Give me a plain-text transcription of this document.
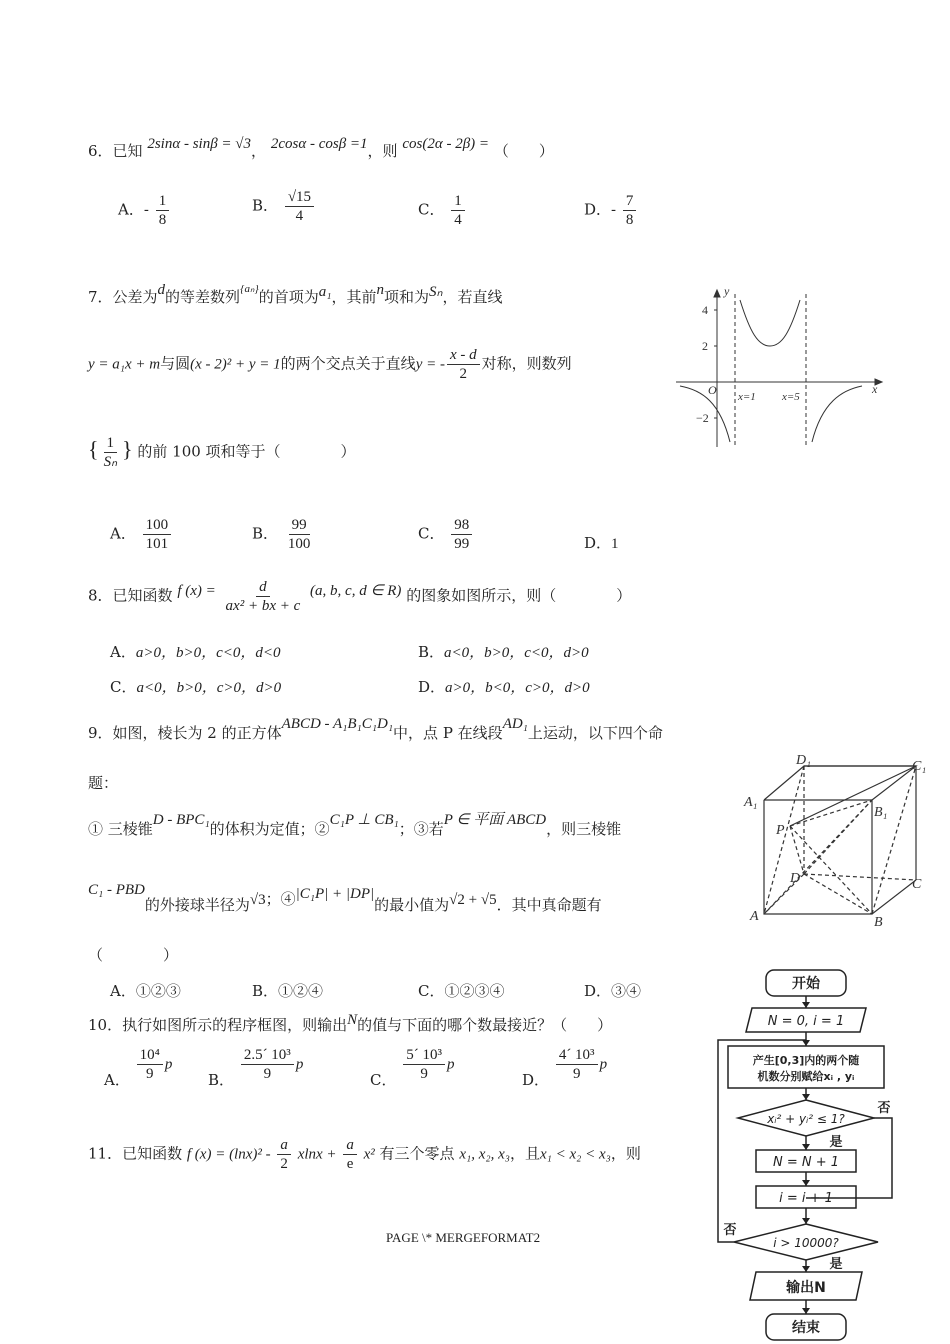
6．已知 2sinα - sinβ = √3， 2cosα - cosβ =1，则 cos(2α - 2β) = （　　）
A．- $\frac{1}{8}$	B． $\frac{√15}{4}$	C． $\frac{1}{4}$	D．- $\frac{7}{8}$
7．公差为d的等差数列$^{\{a_n\}}$的首项为a₁，其前n项和为Sₙ，若直线
y = a₁x + m与圆(x - 2)² + y = 1的两个交点关于直线y = - $\frac{x - d}{2}$ 对称，则数列
{ $\frac{1}{\text{Sₙ}}$ } 的前 100 项和等于（　　　　）
A． $\frac{100}{101}$	B． $\frac{99}{100}$	C． $\frac{98}{99}$	D．1
y
x
O
4
2
−2
x=1 x=5
8．已知函数 f $(x) = \frac{d}{\text{ax² + bx + c}} (a$, b, c, d ∈ R) 的图象如图所示，则（　　　　）
A．a>0，b>0，c<0，d<0	B．a<0，b>0，c<0，d>0
C．a<0，b>0，c>0，d>0	D．a>0，b<0，c>0，d>0
9．如图，棱长为 2 的正方体ABCD - A₁B₁C₁D₁中，点 P 在线段AD₁上运动，以下四个命
题：
① 三棱锥D - BPC₁的体积为定值；②C₁P ⊥ CB₁；③若P ∈ 平面 ABCD，则三棱锥
C₁ - PBD的外接球半径为√3；④|C₁P| + |DP|的最小值为√2 + √5．其中真命题有
（　　　　）
A．①②③	B．①②④	C．①②③④	D．③④
D₁	C₁
A₁
B₁
P
D	C
A	B
10．执行如图所示的程序框图，则输出N的值与下面的哪个数最接近？（　　）
A． $\frac{\text{10⁴}}{9}$ p
B． $\frac{\text{2.5´ 10³}}{9}$ p
C． $\frac{\text{5´ 10³}}{9}$ p
D． $\frac{\text{4´ 10³}}{9}$ p
11．已知函数 f $(x) = (\ln x)^2 - \frac{a}{2}$ $xlnx + \frac{a}{e} x^2$ 有三个零点 x₁, x₂, x₃，且x₁ < x₂ < x₃，则
PAGE \* MERGEFORMAT2
开始
N = 0, i = 1
产生[0,3]内的两个随
机数分别赋给xᵢ , yᵢ
xᵢ² + yᵢ² ≤ 1?
否
是
N = N + 1
i = i + 1
i > 10000?
否
是
输出N
结束
